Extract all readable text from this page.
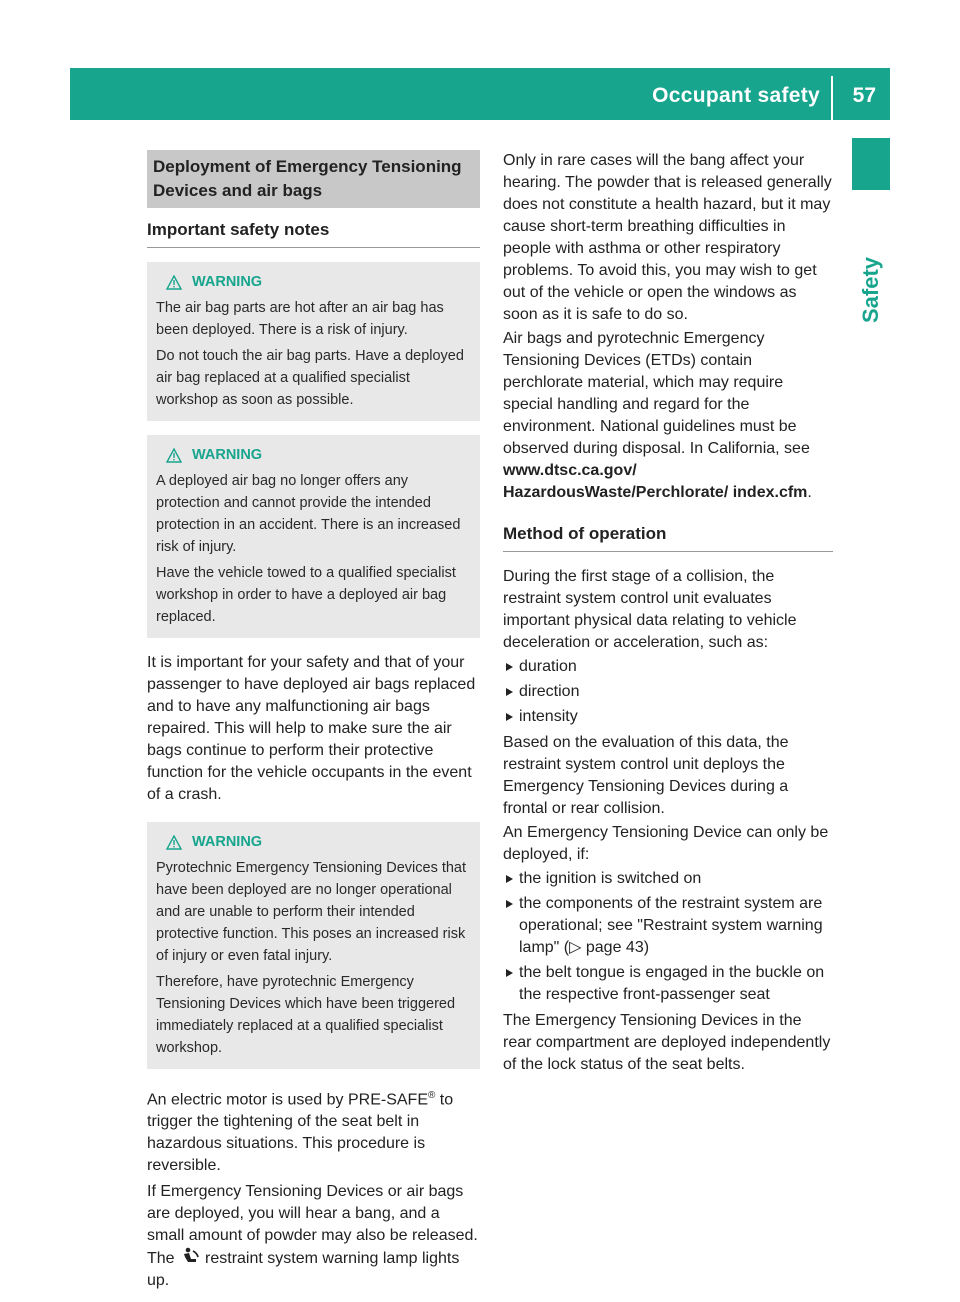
Occupant safety 57
Safety
Deployment of Emergency Tensioning Devices and air bags
Important safety notes
WARNING

The air bag parts are hot after an air bag has been deployed. There is a risk of injury.

Do not touch the air bag parts. Have a deployed air bag replaced at a qualified specialist workshop as soon as possible.

WARNING

A deployed air bag no longer offers any protection and cannot provide the intended protection in an accident. There is an increased risk of injury.

Have the vehicle towed to a qualified specialist workshop in order to have a deployed air bag replaced.

It is important for your safety and that of your passenger to have deployed air bags replaced and to have any malfunctioning air bags repaired. This will help to make sure the air bags continue to perform their protective function for the vehicle occupants in the event of a crash.

WARNING

Pyrotechnic Emergency Tensioning Devices that have been deployed are no longer operational and are unable to perform their intended protective function. This poses an increased risk of injury or even fatal injury.

Therefore, have pyrotechnic Emergency Tensioning Devices which have been triggered immediately replaced at a qualified specialist workshop.

An electric motor is used by PRE-SAFE® to trigger the tightening of the seat belt in hazardous situations. This procedure is reversible.

If Emergency Tensioning Devices or air bags are deployed, you will hear a bang, and a small amount of powder may also be released. The restraint system warning lamp lights up.

Only in rare cases will the bang affect your hearing. The powder that is released generally does not constitute a health hazard, but it may cause short-term breathing difficulties in people with asthma or other respiratory problems. To avoid this, you may wish to get out of the vehicle or open the windows as soon as it is safe to do so.

Air bags and pyrotechnic Emergency Tensioning Devices (ETDs) contain perchlorate material, which may require special handling and regard for the environment. National guidelines must be observed during disposal. In California, see www.dtsc.ca.gov/ HazardousWaste/Perchlorate/ index.cfm.

Method of operation

During the first stage of a collision, the restraint system control unit evaluates important physical data relating to vehicle deceleration or acceleration, such as:

duration
direction
intensity

Based on the evaluation of this data, the restraint system control unit deploys the Emergency Tensioning Devices during a frontal or rear collision.

An Emergency Tensioning Device can only be deployed, if:

the ignition is switched on
the components of the restraint system are operational; see "Restraint system warning lamp" (▷ page 43)
the belt tongue is engaged in the buckle on the respective front-passenger seat

The Emergency Tensioning Devices in the rear compartment are deployed independently of the lock status of the seat belts.
